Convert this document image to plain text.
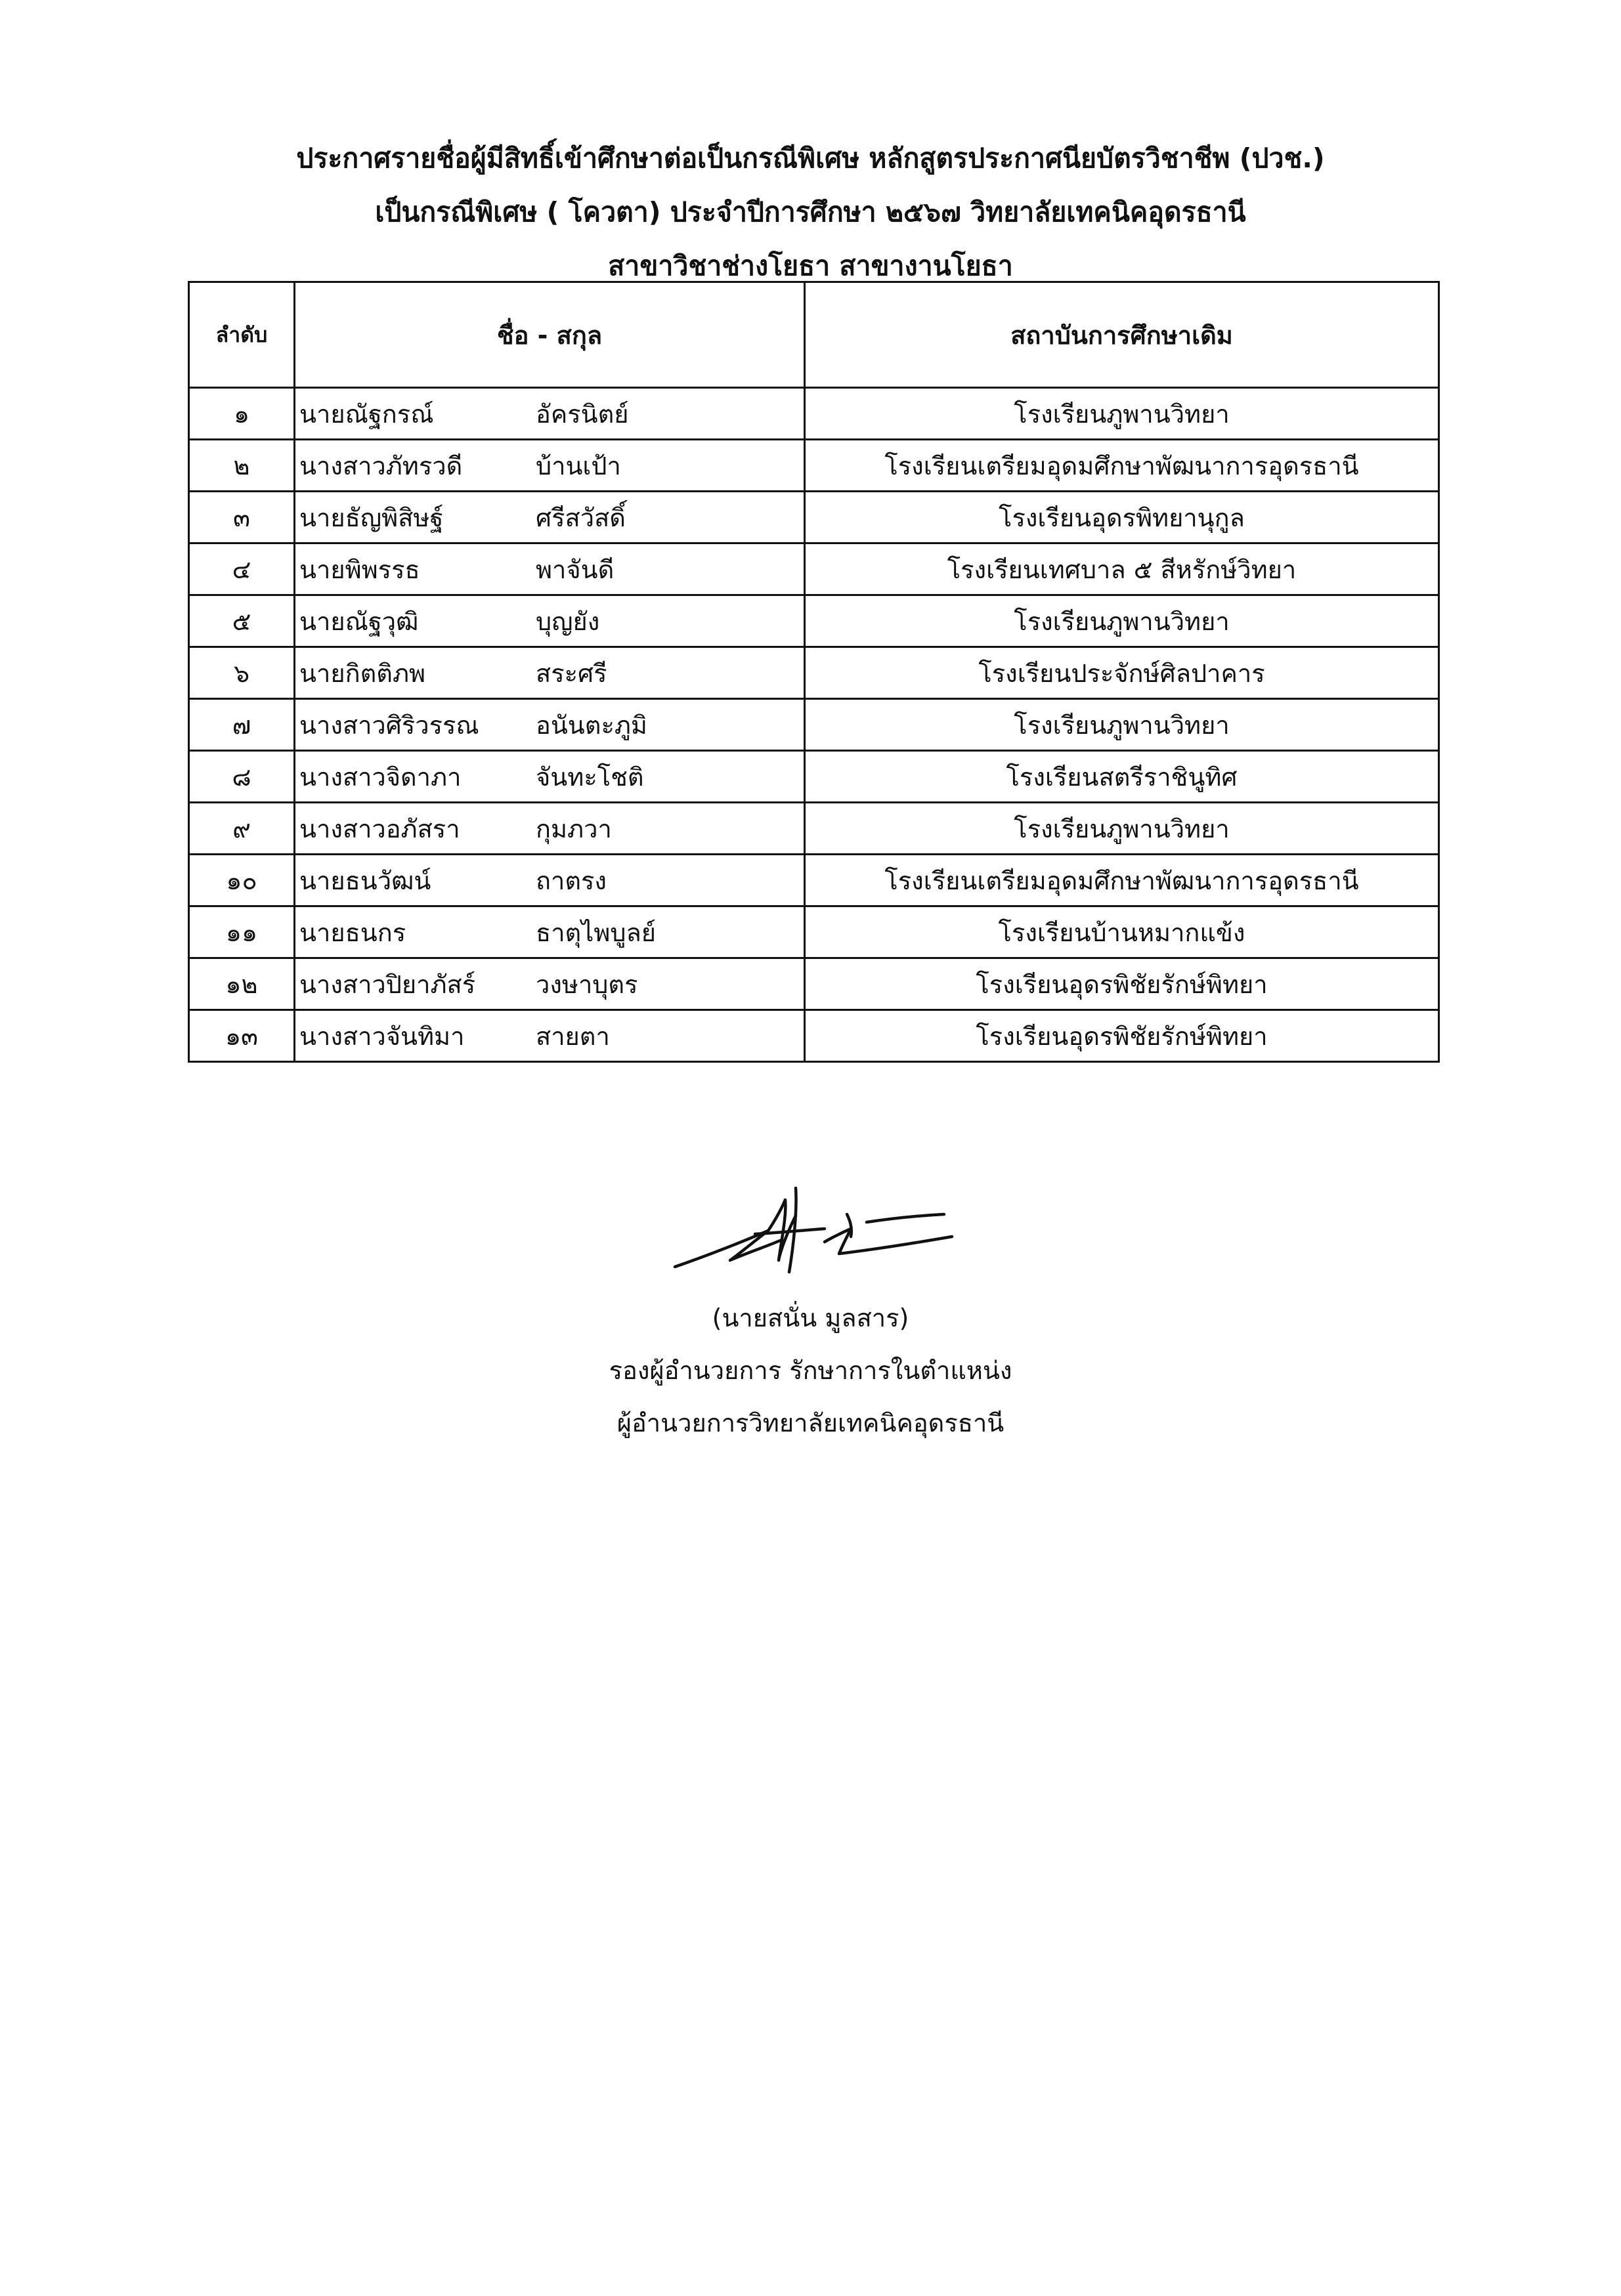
ประกาศรายชื่อผู้มีสิทธิ์เข้าศึกษาต่อเป็นกรณีพิเศษ หลักสูตรประกาศนียบัตรวิชาชีพ (ปวช.)
เป็นกรณีพิเศษ ( โควตา) ประจำปีการศึกษา ๒๕๖๗ วิทยาลัยเทคนิคอุดรธานี
สาขาวิชาช่างโยธา สาขางานโยธา
ลำดับ	ชื่อ - สกุล	สถาบันการศึกษาเดิม
๑	นายณัฐกรณ์ อัครนิตย์	โรงเรียนภูพานวิทยา
๒	นางสาวภัทรวดี บ้านเป้า	โรงเรียนเตรียมอุดมศึกษาพัฒนาการอุดรธานี
๓	นายธัญพิสิษฐ์ ศรีสวัสดิ์	โรงเรียนอุดรพิทยานุกูล
๔	นายพิพรรธ พาจันดี	โรงเรียนเทศบาล ๕ สีหรักษ์วิทยา
๕	นายณัฐวุฒิ บุญยัง	โรงเรียนภูพานวิทยา
๖	นายกิตติภพ สระศรี	โรงเรียนประจักษ์ศิลปาคาร
๗	นางสาวศิริวรรณ อนันตะภูมิ	โรงเรียนภูพานวิทยา
๘	นางสาวจิดาภา จันทะโชติ	โรงเรียนสตรีราชินูทิศ
๙	นางสาวอภัสรา กุมภวา	โรงเรียนภูพานวิทยา
๑๐	นายธนวัฒน์ ถาตรง	โรงเรียนเตรียมอุดมศึกษาพัฒนาการอุดรธานี
๑๑	นายธนกร ธาตุไพบูลย์	โรงเรียนบ้านหมากแข้ง
๑๒	นางสาวปิยาภัสร์ วงษาบุตร	โรงเรียนอุดรพิชัยรักษ์พิทยา
๑๓	นางสาวจันทิมา สายตา	โรงเรียนอุดรพิชัยรักษ์พิทยา
(นายสนั่น มูลสาร)
รองผู้อำนวยการ รักษาการในตำแหน่ง
ผู้อำนวยการวิทยาลัยเทคนิคอุดรธานี
